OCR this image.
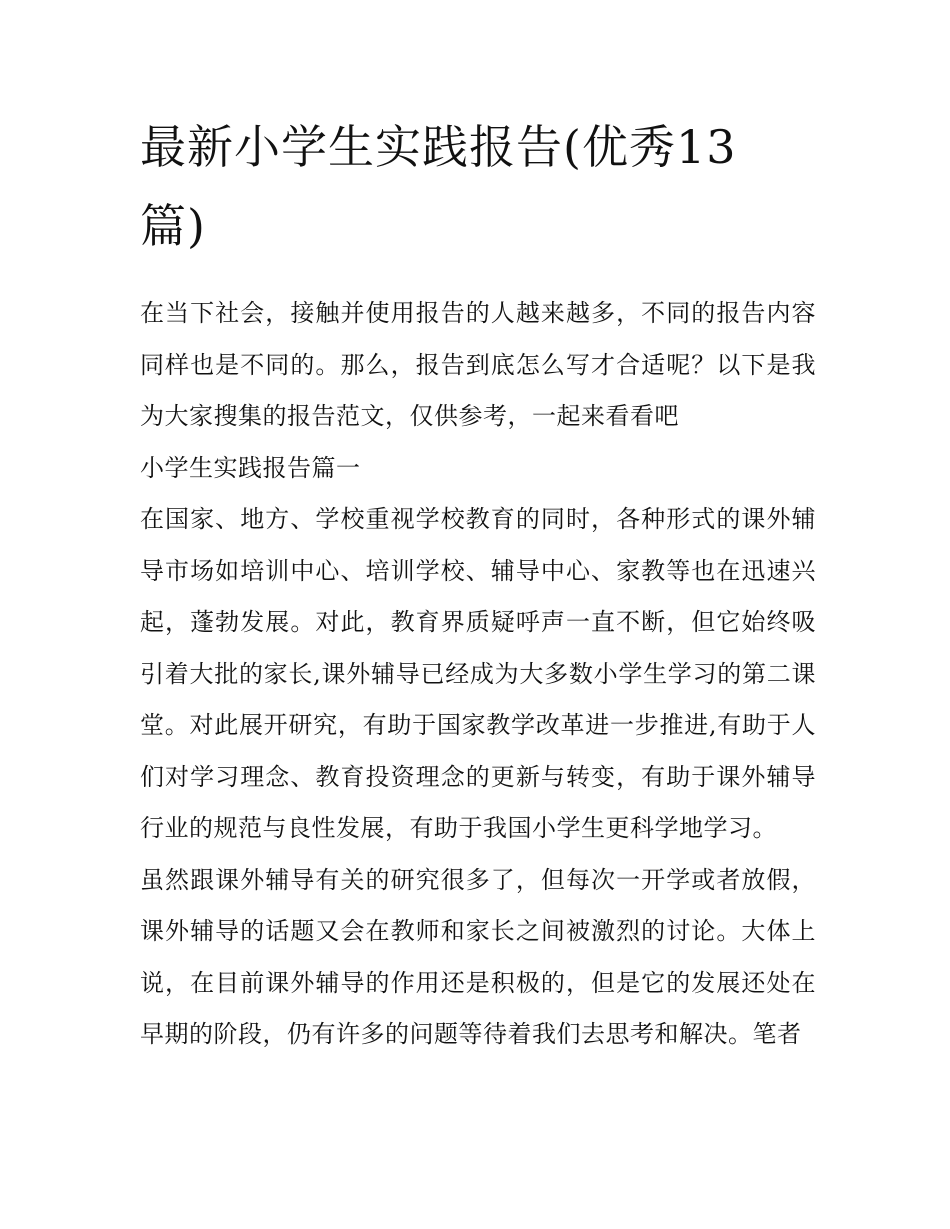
最新小学生实践报告(优秀13篇)

在当下社会，接触并使用报告的人越来越多，不同的报告内容同样也是不同的。那么，报告到底怎么写才合适呢？以下是我为大家搜集的报告范文，仅供参考，一起来看看吧

小学生实践报告篇一

在国家、地方、学校重视学校教育的同时，各种形式的课外辅导市场如培训中心、培训学校、辅导中心、家教等也在迅速兴起，蓬勃发展。对此，教育界质疑呼声一直不断，但它始终吸引着大批的家长,课外辅导已经成为大多数小学生学习的第二课堂。对此展开研究，有助于国家教学改革进一步推进,有助于人们对学习理念、教育投资理念的更新与转变，有助于课外辅导行业的规范与良性发展，有助于我国小学生更科学地学习。

虽然跟课外辅导有关的研究很多了，但每次一开学或者放假，课外辅导的话题又会在教师和家长之间被激烈的讨论。大体上说，在目前课外辅导的作用还是积极的，但是它的发展还处在早期的阶段，仍有许多的问题等待着我们去思考和解决。笔者
